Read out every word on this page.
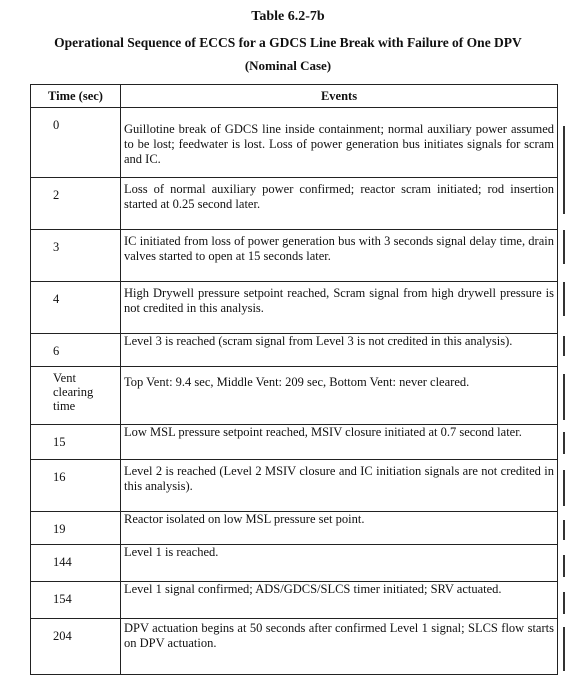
Table 6.2-7b
Operational Sequence of ECCS for a GDCS Line Break with Failure of One DPV
(Nominal Case)
Time (sec)	Events
0	Guillotine break of GDCS line inside containment; normal auxiliary power assumed to be lost; feedwater is lost. Loss of power generation bus initiates signals for scram and IC.

2	Loss of normal auxiliary power confirmed; reactor scram initiated; rod insertion started at 0.25 second later.

3	IC initiated from loss of power generation bus with 3 seconds signal delay time, drain valves started to open at 15 seconds later.

4	High Drywell pressure setpoint reached, Scram signal from high drywell pressure is not credited in this analysis.

6	Level 3 is reached (scram signal from Level 3 is not credited in this analysis).

Vent clearing time	Top Vent: 9.4 sec, Middle Vent: 209 sec, Bottom Vent: never cleared.

15	Low MSL pressure setpoint reached, MSIV closure initiated at 0.7 second later.

16	Level 2 is reached (Level 2 MSIV closure and IC initiation signals are not credited in this analysis).

19	Reactor isolated on low MSL pressure set point.

144	Level 1 is reached.

154	Level 1 signal confirmed; ADS/GDCS/SLCS timer initiated; SRV actuated.

204	DPV actuation begins at 50 seconds after confirmed Level 1 signal; SLCS flow starts on DPV actuation.
